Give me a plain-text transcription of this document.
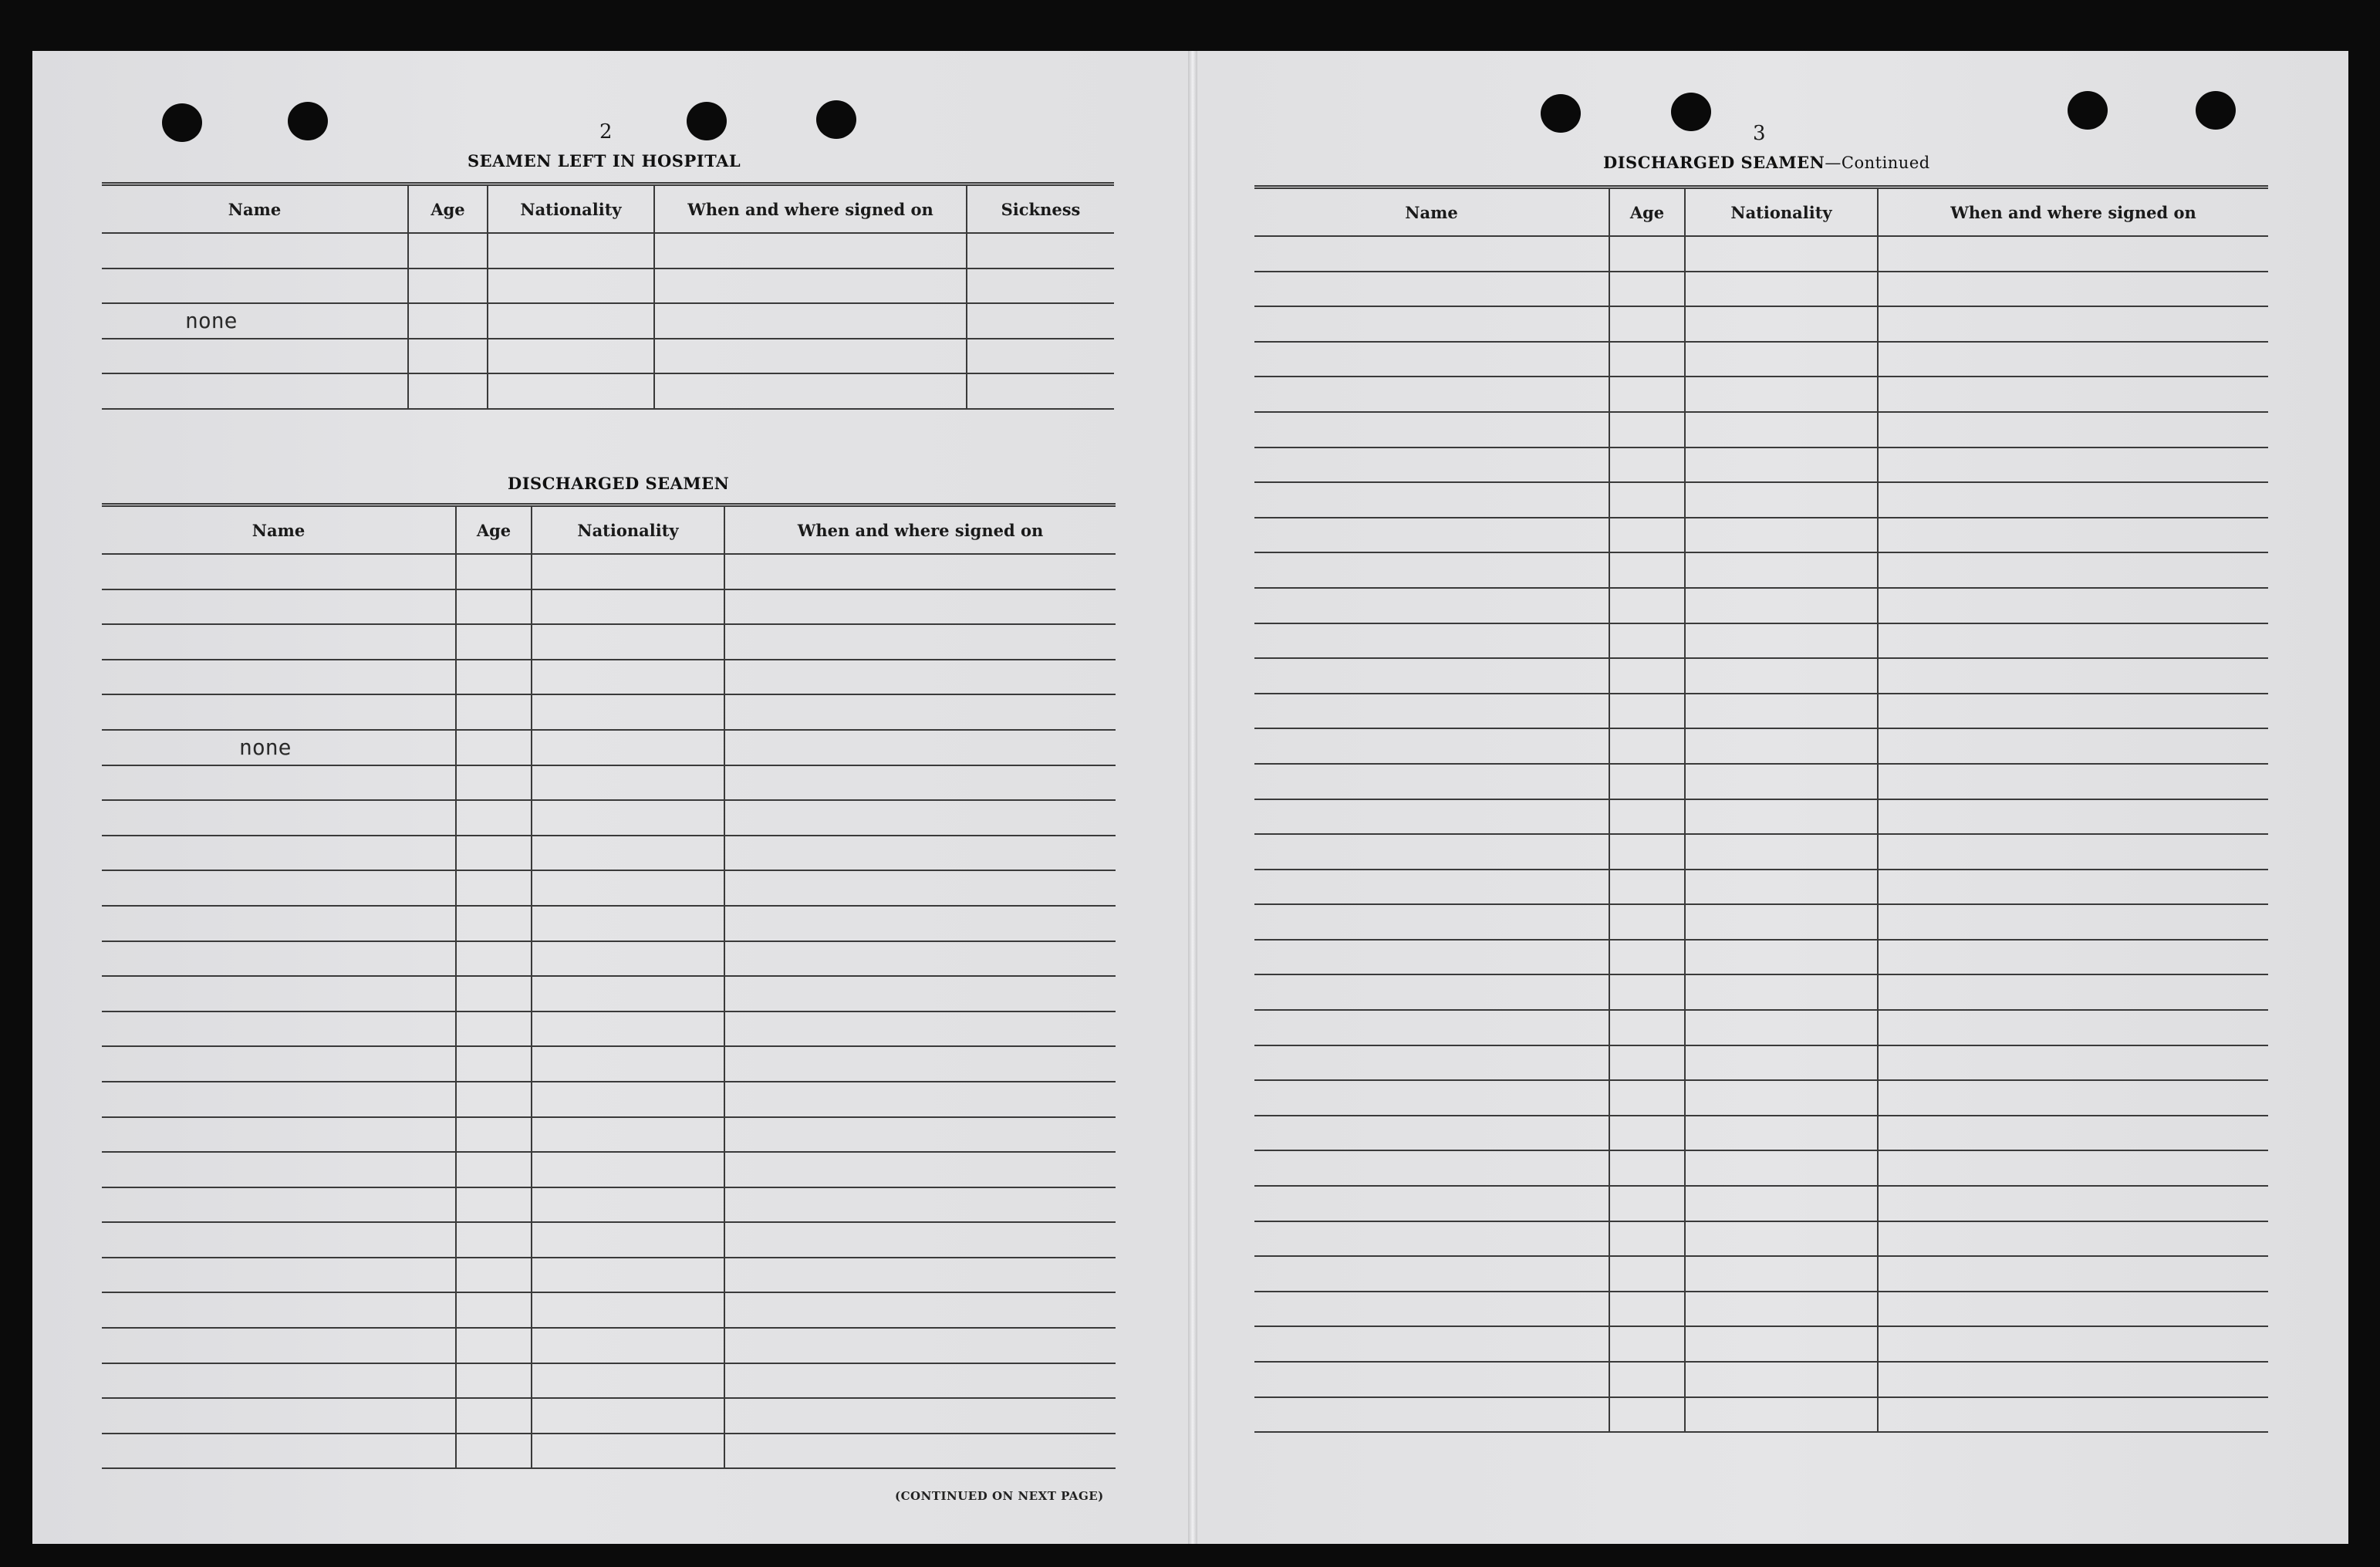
2
SEAMEN LEFT IN HOSPITAL
Name	Age	Nationality	When and where signed on	Sickness

none				

DISCHARGED SEAMEN
Name	Age	Nationality	When and where signed on

none			

(CONTINUED ON NEXT PAGE)
3
DISCHARGED SEAMEN—Continued
Name	Age	Nationality	When and where signed on
